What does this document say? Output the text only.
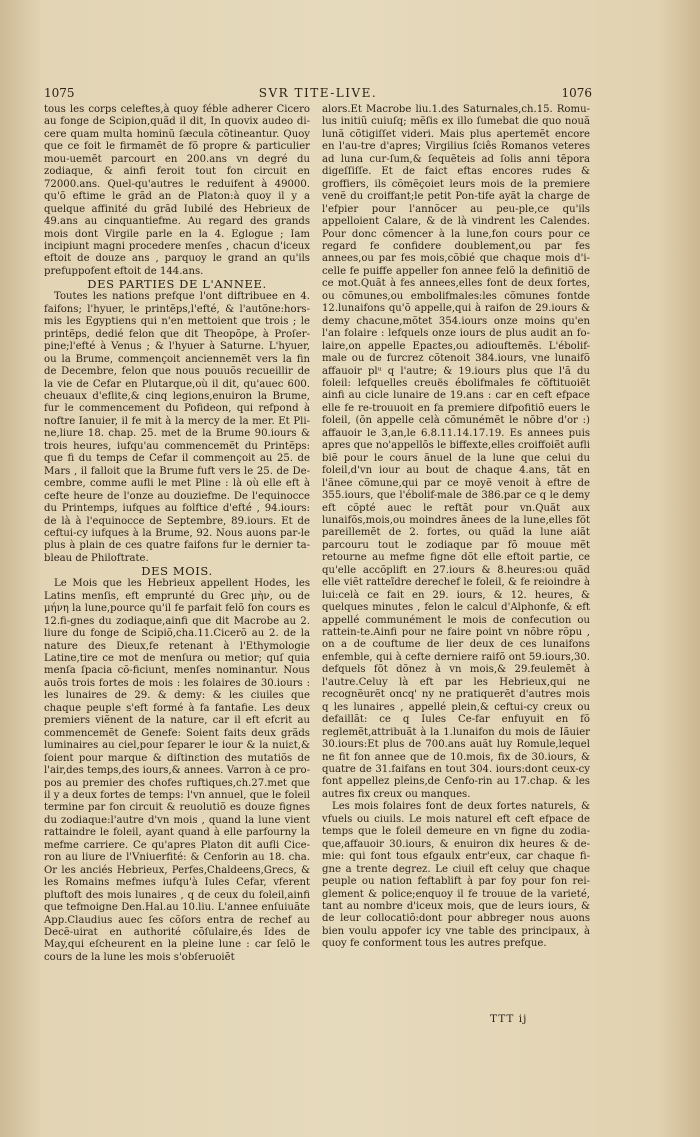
1075	SVR TITE-LIVE.	1076

tous les corps celeftes,à quoy féble adherer Cicero au fonge de Scipion,quãd il dit, In quovix audeo di-cere quam multa hominũ ſæcula cõtineantur. Quoy que ce foit le firmamẽt de fõ propre & particulier mou-uemẽt parcourt en 200.ans vn degré du zodiaque, & ainfi feroit tout fon circuit en 72000.ans. Quel-qu'autres le reduifent à 49000. qu'õ eftime le grãd an de Platon:à quoy il y a quelque affinité du grãd Iubilé des Hebrieux de 49.ans au cinquantiefme. Au regard des grands mois dont Virgile parle en la 4. Eglogue ; Iam incipiunt magni procedere menſes , chacun d'iceux eftoit de douze ans , parquoy le grand an qu'ils prefuppofent eftoit de 144.ans.

DES PARTIES DE L'ANNEE.

Toutes les nations prefque l'ont diftribuee en 4. faifons; l'hyuer, le printẽps,l'efté, & l'autõne:hors-mis les Egyptiens qui n'en mettoient que trois ; le printẽps, dedié felon que dit Theopõpe, à Proſer-pine;l'efté à Venus ; & l'hyuer à Saturne. L'hyuer, ou la Brume, commençoit anciennemẽt vers la fin de Decembre, felon que nous pouuõs recueillir de la vie de Cefar en Plutarque,où il dit, qu'auec 600. cheuaux d'eflite,& cinq legions,enuiron la Brume, fur le commencement du Pofideon, qui refpond à noftre Ianuier, il fe mit à la mercy de la mer. Et Pli-ne,liure 18. chap. 25. met de la Brume 90.iours & trois heures, iufqu'au commencemẽt du Printẽps: que fi du temps de Cefar il commençoit au 25. de Mars , il falloit que la Brume fuft vers le 25. de De-cembre, comme aufli le met Pline : là où elle eft à cefte heure de l'onze au douziefme. De l'equinocce du Printemps, iufques au folftice d'efté , 94.iours: de là à l'equinocce de Septembre, 89.iours. Et de ceftui-cy iufques à la Brume, 92. Nous auons par-le plus à plain de ces quatre faifons fur le dernier ta-bleau de Philoftrate.

DES MOIS.

Le Mois que les Hebrieux appellent Hodes, les Latins menſis, eft emprunté du Grec μὴν, ou de μήνη la lune,pource qu'il fe parfait felõ fon cours es 12.fi-gnes du zodiaque,ainfi que dit Macrobe au 2. liure du fonge de Scipiõ,cha.11.Cicerõ au 2. de la nature des Dieux,fe retenant à l'Ethymologie Latine,tire ce mot de menſura ou metior; quſ quia menſa ſpacia cõ-ficiunt, menſes nominantur. Nous auõs trois fortes de mois : les folaires de 30.iours : les lunaires de 29. & demy: & les ciuiles que chaque peuple s'eft formé à fa fantafie. Les deux premiers viẽnent de la nature, car il eft efcrit au commencemẽt de Genefe: Soient faits deux grãds luminaires au ciel,pour ſeparer le iour & la nuiɛt,& ſoient pour marque & diſtinɛtion des mutatiõs de l'air,des temps,des iours,& annees. Varron à ce pro-pos au premier des chofes ruftiques,ch.27.met que il y a deux fortes de temps: l'vn annuel, que le foleil termine par fon circuit & reuolutiõ es douze fignes du zodiaque:l'autre d'vn mois , quand la lune vient rattaindre le foleil, ayant quand à elle parfourny la mefme carriere. Ce qu'apres Platon dit aufli Cice-ron au liure de l'Vniuerfité: & Cenforin au 18. cha. Or les anciés Hebrieux, Perfes,Chaldeens,Grecs, & les Romains mefmes iufqu'à Iules Cefar, vferent pluftoft des mois lunaires , q de ceux du foleil,ainfi que tefmoigne Den.Hal.au 10.liu. L'annee enſuiuãte App.Claudius auec ſes cõſors entra de rechef au Decẽ-uirat en authorité cõſulaire,és Ides de May,qui eſcheurent en la pleine lune : car ſelõ le cours de la lune les mois s'obſeruoiẽt

alors.Et Macrobe liu.1.des Saturnales,ch.15. Romu-lus initiũ cuiuſq; mẽſis ex illo ſumebat die quo nouã lunã cõtigiſſet videri. Mais plus apertemẽt encore en l'au-tre d'apres; Virgilius ſciês Romanos veteres ad luna cur-ſum,& ſequẽteis ad ſolis anni tẽpora digeſſiſſe. Et de faict eftas encores rudes & groffiers, ils cõmẽçoiet leurs mois de la premiere venẽ du croiffant;le petit Pon-tife ayãt la charge de l'efpier pour l'annõcer au peu-ple,ce qu'ils appelloient Calare, & de là vindrent les Calendes. Pour donc cõmencer à la lune,fon cours pour ce regard fe confidere doublement,ou par fes annees,ou par fes mois,cõbié que chaque mois d'i-celle fe puiffe appeller fon annee felõ la definitiõ de ce mot.Quãt à fes annees,elles font de deux fortes, ou cõmunes,ou embolifmales:les cõmunes fontde 12.lunaifons qu'õ appelle,qui à raifon de 29.iours & demy chacune,mõtet 354.iours onze moins qu'en l'an folaire : lefquels onze iours de plus audit an fo-laire,on appelle Epaɛtes,ou adiouftemẽs. L'ébolif-male ou de furcrez cõtenoit 384.iours, vne lunaifõ affauoir plᵘ q l'autre; & 19.iours plus que l'ã du foleil: lefquelles creuës ébolifmales fe cõftituoiẽt ainfi au cicle lunaire de 19.ans : car en ceft efpace elle fe re-trouuoit en fa premiere difpofitiõ euers le foleil, (õn appelle celà cõmunémẽt le nõbre d'or :) affauoir le 3,an,le 6.8.11.14.17.19. Es annees puis apres que no'appellõs le biffexte,elles croiffoiẽt aufli biẽ pour le cours ãnuel de la lune que celui du foleil,d'vn iour au bout de chaque 4.ans, tãt en l'ãnee cõmune,qui par ce moyẽ venoit à eftre de 355.iours, que l'ébolif-male de 386.par ce q le demy eft cõpté auec le reftãt pour vn.Quãt aux lunaifõs,mois,ou moindres ãnees de la lune,elles fõt pareillemẽt de 2. fortes, ou quãd la lune aiãt parcouru tout le zodiaque par fõ mouue mẽt retourne au mefme figne dõt elle eftoit partie, ce qu'elle accõplift en 27.iours & 8.heures:ou quãd elle viẽt ratteĩdre derechef le foleil, & fe reioindre à lui:celà ce fait en 29. iours, & 12. heures, & quelques minutes , felon le calcul d'Alphonfe, & eft appellé communément le mois de confecution ou rattein-te.Ainfi pour ne faire point vn nõbre rõpu , on a de couftume de lier deux de ces lunaifons enfemble, qui à cefte derniere raifõ ont 59.iours,30. defquels fõt dõnez à vn mois,& 29.feulemẽt à l'autre.Celuy là eft par les Hebrieux,qui ne recognẽurẽt oncq' ny ne pratiquerẽt d'autres mois q les lunaires , appellé plein,& ceftui-cy creux ou defaillãt: ce q Iules Ce-far enfuyuit en fõ reglemẽt,attribuãt à la 1.lunaifon du mois de Iãuier 30.iours:Et plus de 700.ans auãt luy Romule,lequel ne fit fon annee que de 10.mois, fix de 30.iours, & quatre de 31.faifans en tout 304. iours:dont ceux-cy font appellez pleins,de Cenfo-rin au 17.chap. & les autres fix creux ou manques.

Les mois folaires font de deux fortes naturels, & vfuels ou ciuils. Le mois naturel eft ceft efpace de temps que le foleil demeure en vn figne du zodia-que,affauoir 30.iours, & enuiron dix heures & de-mie: qui font tous efgaulx entr'eux, car chaque fi-gne a trente degrez. Le ciuil eft celuy que chaque peuple ou nation feftablift à par foy pour fon rei-glement & police;enquoy il fe trouue de la varieté, tant au nombre d'iceux mois, que de leurs iours, & de leur collocatiõ:dont pour abbreger nous auons bien voulu appofer icy vne table des principaux, à quoy fe conforment tous les autres prefque.

TTT ij
